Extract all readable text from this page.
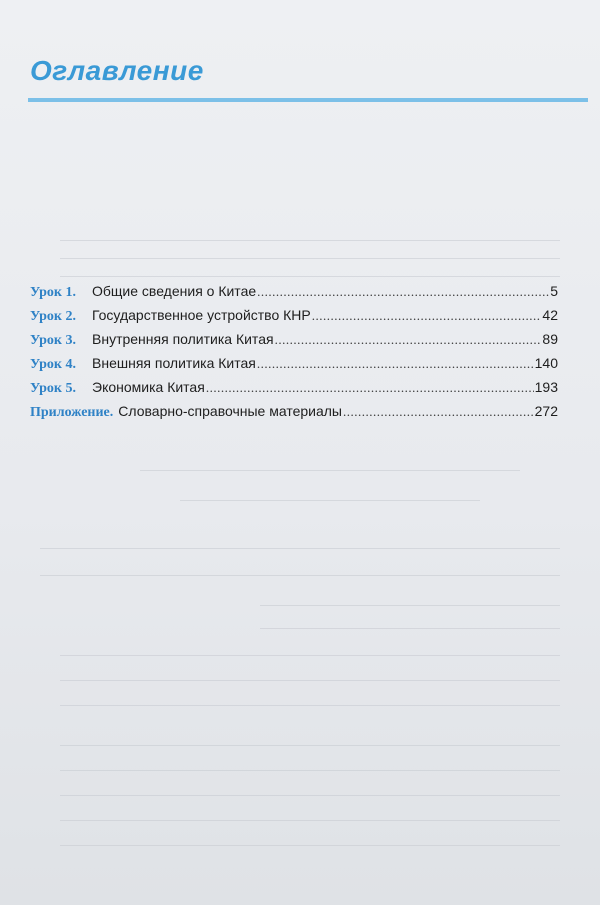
Оглавление
Урок 1.	Общие сведения о Китае .....	5
Урок 2.	Государственное устройство КНР .....	42
Урок 3.	Внутренняя политика Китая .....	89
Урок 4.	Внешняя политика Китая .....	140
Урок 5.	Экономика Китая .....	193
Приложение. Словарно-справочные материалы .....	272
